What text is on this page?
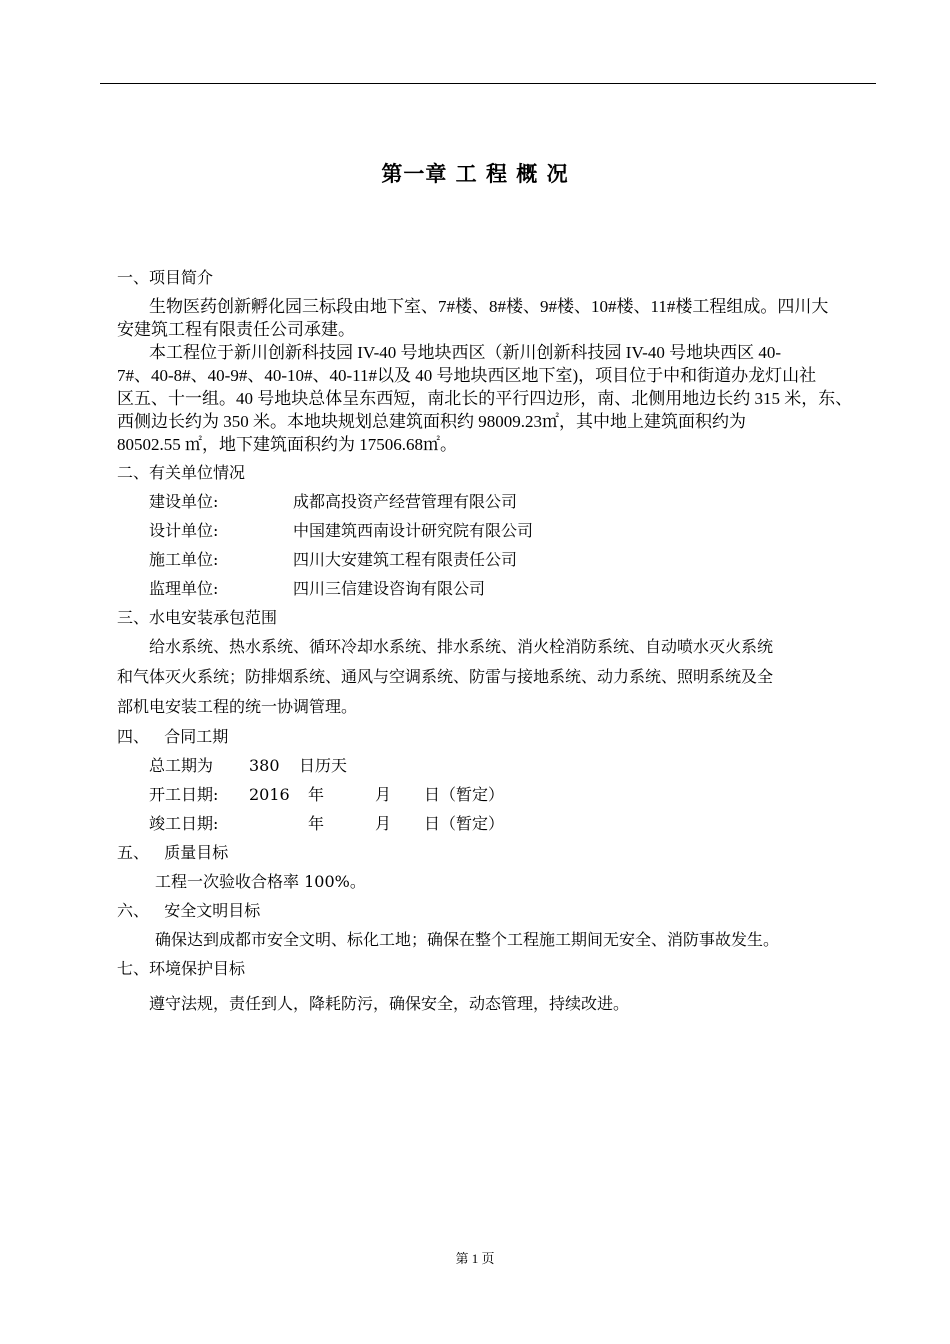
第一章 工 程 概 况
一、项目简介
生物医药创新孵化园三标段由地下室、7#楼、8#楼、9#楼、10#楼、11#楼工程组成。四川大
安建筑工程有限责任公司承建。
本工程位于新川创新科技园 IV-40 号地块西区（新川创新科技园 IV-40 号地块西区 40-
7#、40-8#、40-9#、40-10#、40-11#以及 40 号地块西区地下室)，项目位于中和街道办龙灯山社
区五、十一组。40 号地块总体呈东西短，南北长的平行四边形，南、北侧用地边长约 315 米，东、
西侧边长约为 350 米。本地块规划总建筑面积约 98009.23㎡，其中地上建筑面积约为
80502.55 ㎡，地下建筑面积约为 17506.68㎡。
二、有关单位情况
建设单位:	成都高投资产经营管理有限公司
设计单位:	中国建筑西南设计研究院有限公司
施工单位:	四川大安建筑工程有限责任公司
监理单位:	四川三信建设咨询有限公司
三、水电安装承包范围
给水系统、热水系统、循环冷却水系统、排水系统、消火栓消防系统、自动喷水灭火系统
和气体灭火系统；防排烟系统、通风与空调系统、防雷与接地系统、动力系统、照明系统及全
部机电安装工程的统一协调管理。
四、   合同工期
总工期为 380 日历天
开工日期: 2016 年	月 日（暂定）
竣工日期:	年	月 日（暂定）
五、   质量目标
工程一次验收合格率 100%。
六、   安全文明目标
确保达到成都市安全文明、标化工地；确保在整个工程施工期间无安全、消防事故发生。
七、环境保护目标
遵守法规，责任到人，降耗防污，确保安全，动态管理，持续改进。
第 1 页
